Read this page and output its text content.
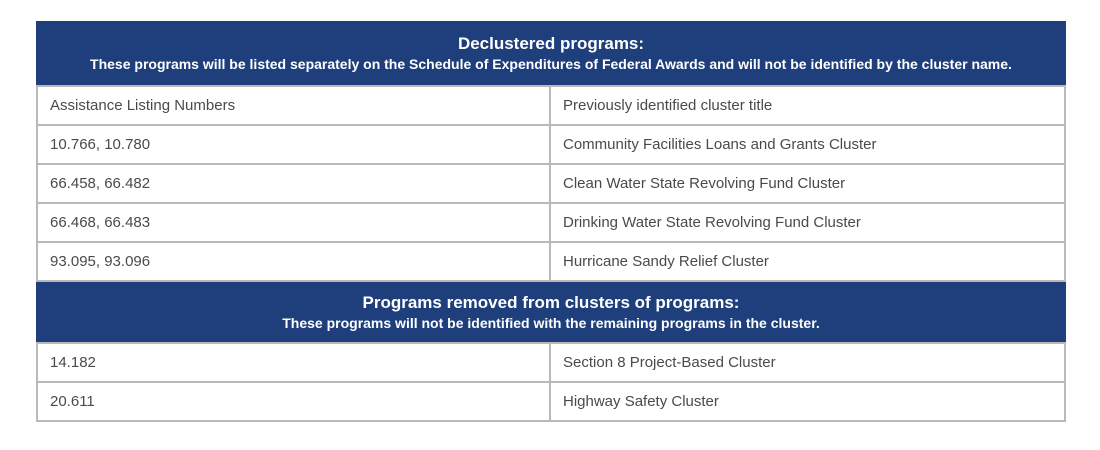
Declustered programs:
These programs will be listed separately on the Schedule of Expenditures of Federal Awards and will not be identified by the cluster name.
Assistance Listing Numbers	Previously identified cluster title
10.766, 10.780	Community Facilities Loans and Grants Cluster
66.458, 66.482	Clean Water State Revolving Fund Cluster
66.468, 66.483	Drinking Water State Revolving Fund Cluster
93.095, 93.096	Hurricane Sandy Relief Cluster
Programs removed from clusters of programs:
These programs will not be identified with the remaining programs in the cluster.
14.182	Section 8 Project-Based Cluster
20.611	Highway Safety Cluster
